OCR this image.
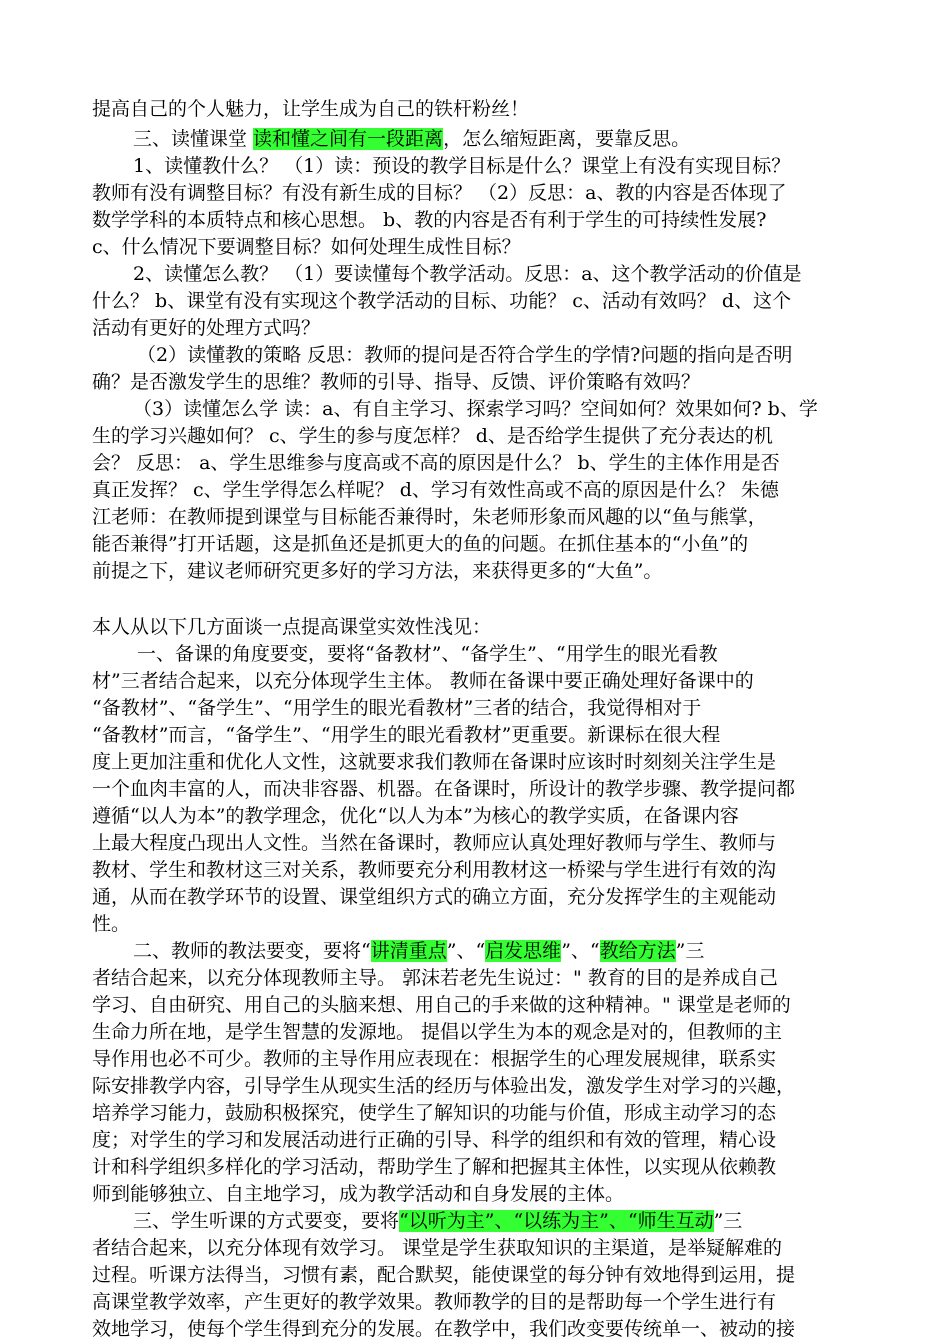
提高自己的个人魅力，让学生成为自己的铁杆粉丝！
三、读懂课堂 读和懂之间有一段距离，怎么缩短距离，要靠反思。
1、读懂教什么？ （1）读：预设的教学目标是什么？课堂上有没有实现目标？
教师有没有调整目标？有没有新生成的目标？ （2）反思：a、教的内容是否体现了
数学学科的本质特点和核心思想。 b、教的内容是否有利于学生的可持续性发展?
c、什么情况下要调整目标？如何处理生成性目标？
2、读懂怎么教？ （1）要读懂每个教学活动。反思：a、这个教学活动的价值是
什么？ b、课堂有没有实现这个教学活动的目标、功能？ c、活动有效吗？ d、这个
活动有更好的处理方式吗？
（2）读懂教的策略 反思：教师的提问是否符合学生的学情?问题的指向是否明
确？是否激发学生的思维？教师的引导、指导、反馈、评价策略有效吗？
（3）读懂怎么学 读：a、有自主学习、探索学习吗？空间如何？效果如何? b、学
生的学习兴趣如何？ c、学生的参与度怎样？ d、是否给学生提供了充分表达的机
会？ 反思： a、学生思维参与度高或不高的原因是什么？ b、学生的主体作用是否
真正发挥？ c、学生学得怎么样呢？ d、学习有效性高或不高的原因是什么？ 朱德
江老师：在教师提到课堂与目标能否兼得时，朱老师形象而风趣的以“鱼与熊掌，
能否兼得”打开话题，这是抓鱼还是抓更大的鱼的问题。在抓住基本的“小鱼”的
前提之下，建议老师研究更多好的学习方法，来获得更多的“大鱼”。
本人从以下几方面谈一点提高课堂实效性浅见：
一、备课的角度要变，要将“备教材”、“备学生”、“用学生的眼光看教
材”三者结合起来，以充分体现学生主体。 教师在备课中要正确处理好备课中的
“备教材”、“备学生”、“用学生的眼光看教材”三者的结合，我觉得相对于
“备教材”而言，“备学生”、“用学生的眼光看教材”更重要。新课标在很大程
度上更加注重和优化人文性，这就要求我们教师在备课时应该时时刻刻关注学生是
一个血肉丰富的人，而决非容器、机器。在备课时，所设计的教学步骤、教学提问都
遵循“以人为本”的教学理念，优化“以人为本”为核心的教学实质，在备课内容
上最大程度凸现出人文性。当然在备课时，教师应认真处理好教师与学生、教师与
教材、学生和教材这三对关系，教师要充分利用教材这一桥梁与学生进行有效的沟
通，从而在教学环节的设置、课堂组织方式的确立方面，充分发挥学生的主观能动
性。
二、教师的教法要变，要将“讲清重点”、“启发思维”、“教给方法”三
者结合起来，以充分体现教师主导。 郭沫若老先生说过：" 教育的目的是养成自己
学习、自由研究、用自己的头脑来想、用自己的手来做的这种精神。" 课堂是老师的
生命力所在地，是学生智慧的发源地。 提倡以学生为本的观念是对的，但教师的主
导作用也必不可少。教师的主导作用应表现在：根据学生的心理发展规律，联系实
际安排教学内容，引导学生从现实生活的经历与体验出发，激发学生对学习的兴趣，
培养学习能力，鼓励积极探究，使学生了解知识的功能与价值，形成主动学习的态
度；对学生的学习和发展活动进行正确的引导、科学的组织和有效的管理，精心设
计和科学组织多样化的学习活动，帮助学生了解和把握其主体性，以实现从依赖教
师到能够独立、自主地学习，成为教学活动和自身发展的主体。
三、学生听课的方式要变，要将“以听为主”、“以练为主”、“师生互动”三
者结合起来，以充分体现有效学习。 课堂是学生获取知识的主渠道，是举疑解难的
过程。听课方法得当，习惯有素，配合默契，能使课堂的每分钟有效地得到运用，提
高课堂教学效率，产生更好的教学效果。教师教学的目的是帮助每一个学生进行有
效地学习，使每个学生得到充分的发展。在教学中，我们改变要传统单一、被动的接
